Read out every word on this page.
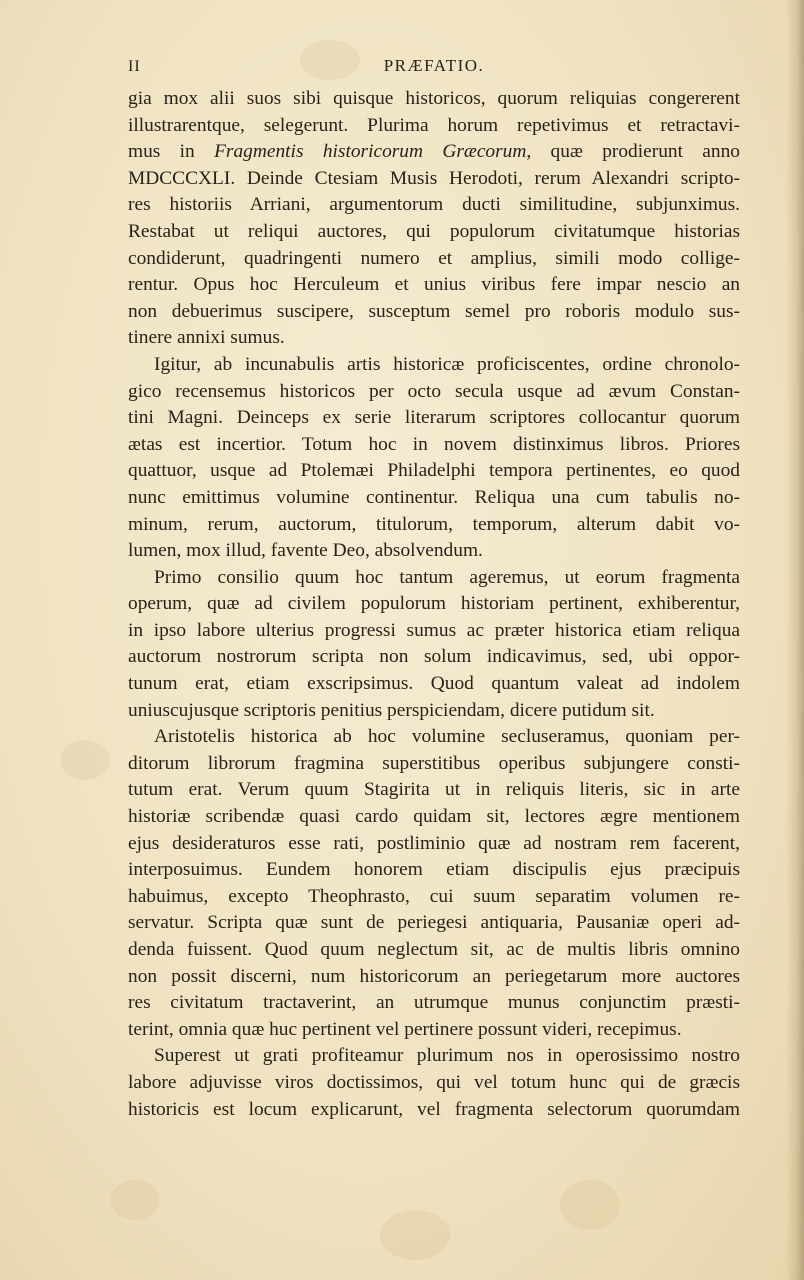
II	PRÆFATIO.
gia mox alii suos sibi quisque historicos, quorum reliquias congererent
illustrarentque, selegerunt. Plurima horum repetivimus et retractavi-
mus in Fragmentis historicorum Græcorum, quæ prodierunt anno
MDCCCXLI. Deinde Ctesiam Musis Herodoti, rerum Alexandri scripto-
res historiis Arriani, argumentorum ducti similitudine, subjunximus.
Restabat ut reliqui auctores, qui populorum civitatumque historias
condiderunt, quadringenti numero et amplius, simili modo collige-
rentur. Opus hoc Herculeum et unius viribus fere impar nescio an
non debuerimus suscipere, susceptum semel pro roboris modulo sus-
tinere annixi sumus.
Igitur, ab incunabulis artis historicæ proficiscentes, ordine chronolo-
gico recensemus historicos per octo secula usque ad ævum Constan-
tini Magni. Deinceps ex serie literarum scriptores collocantur quorum
ætas est incertior. Totum hoc in novem distinximus libros. Priores
quattuor, usque ad Ptolemæi Philadelphi tempora pertinentes, eo quod
nunc emittimus volumine continentur. Reliqua una cum tabulis no-
minum, rerum, auctorum, titulorum, temporum, alterum dabit vo-
lumen, mox illud, favente Deo, absolvendum.
Primo consilio quum hoc tantum ageremus, ut eorum fragmenta
operum, quæ ad civilem populorum historiam pertinent, exhiberentur,
in ipso labore ulterius progressi sumus ac præter historica etiam reliqua
auctorum nostrorum scripta non solum indicavimus, sed, ubi oppor-
tunum erat, etiam exscripsimus. Quod quantum valeat ad indolem
uniuscujusque scriptoris penitius perspiciendam, dicere putidum sit.
Aristotelis historica ab hoc volumine secluseramus, quoniam per-
ditorum librorum fragmina superstitibus operibus subjungere consti-
tutum erat. Verum quum Stagirita ut in reliquis literis, sic in arte
historiæ scribendæ quasi cardo quidam sit, lectores ægre mentionem
ejus desideraturos esse rati, postliminio quæ ad nostram rem facerent,
interposuimus. Eundem honorem etiam discipulis ejus præcipuis
habuimus, excepto Theophrasto, cui suum separatim volumen re-
servatur. Scripta quæ sunt de periegesi antiquaria, Pausaniæ operi ad-
denda fuissent. Quod quum neglectum sit, ac de multis libris omnino
non possit discerni, num historicorum an periegetarum more auctores
res civitatum tractaverint, an utrumque munus conjunctim præsti-
terint, omnia quæ huc pertinent vel pertinere possunt videri, recepimus.
Superest ut grati profiteamur plurimum nos in operosissimo nostro
labore adjuvisse viros doctissimos, qui vel totum hunc qui de græcis
historicis est locum explicarunt, vel fragmenta selectorum quorumdam
